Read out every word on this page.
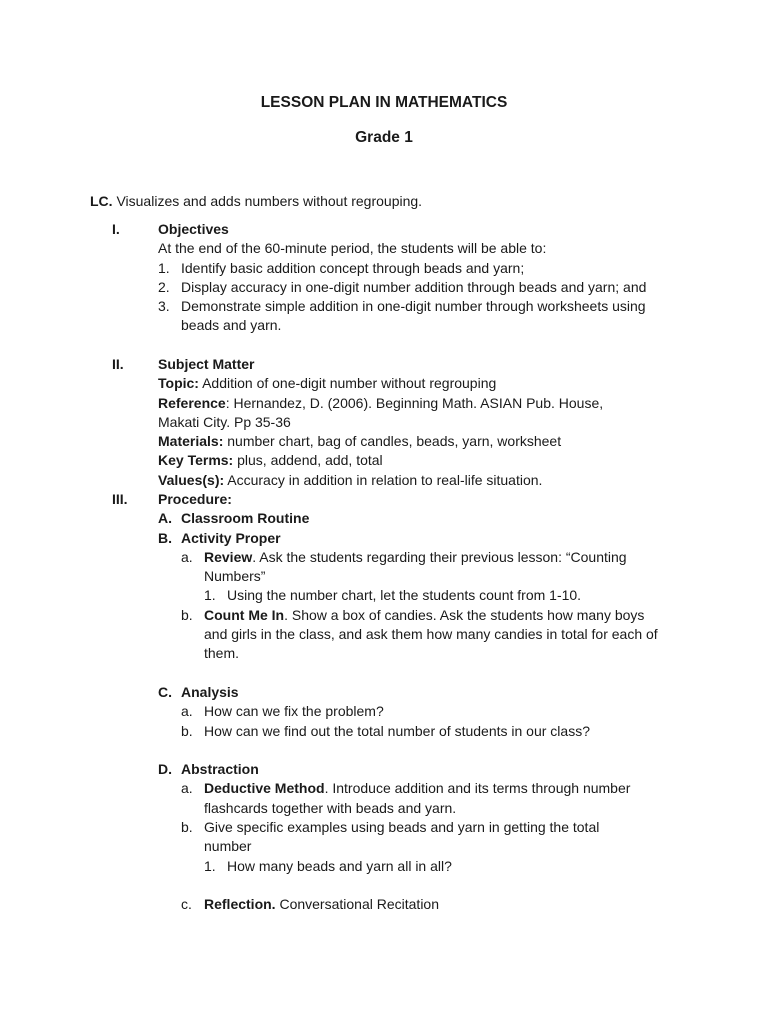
LESSON PLAN IN MATHEMATICS
Grade 1
LC. Visualizes and adds numbers without regrouping.
I.	Objectives
At the end of the 60-minute period, the students will be able to:
1. Identify basic addition concept through beads and yarn;
2. Display accuracy in one-digit number addition through beads and yarn; and
3. Demonstrate simple addition in one-digit number through worksheets using beads and yarn.
II. Subject Matter
Topic: Addition of one-digit number without regrouping
Reference: Hernandez, D. (2006). Beginning Math. ASIAN Pub. House, Makati City. Pp 35-36
Materials: number chart, bag of candles, beads, yarn, worksheet
Key Terms: plus, addend, add, total
Values(s): Accuracy in addition in relation to real-life situation.
III. Procedure:
A. Classroom Routine
B. Activity Proper
a. Review. Ask the students regarding their previous lesson: “Counting Numbers”
1. Using the number chart, let the students count from 1-10.
b. Count Me In. Show a box of candies. Ask the students how many boys and girls in the class, and ask them how many candies in total for each of them.
C. Analysis
a. How can we fix the problem?
b. How can we find out the total number of students in our class?
D. Abstraction
a. Deductive Method. Introduce addition and its terms through number flashcards together with beads and yarn.
b. Give specific examples using beads and yarn in getting the total number
1. How many beads and yarn all in all?
c. Reflection. Conversational Recitation
